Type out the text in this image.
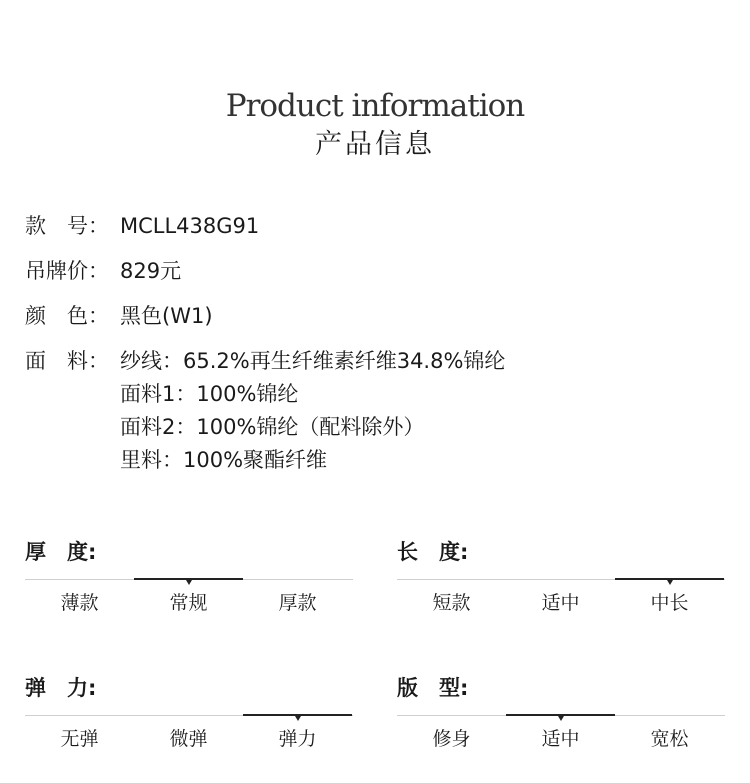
Product information
产品信息
款　号： MCLL438G91
吊牌价： 829元
颜　色： 黑色(W1)
面　料： 纱线：65.2%再生纤维素纤维34.8%锦纶
面料1：100%锦纶
面料2：100%锦纶（配料除外）
里料：100%聚酯纤维
厚　度:
薄款	常规	厚款
长　度:
短款	适中	中长
弹　力:
无弹	微弹	弹力
版　型:
修身	适中	宽松
